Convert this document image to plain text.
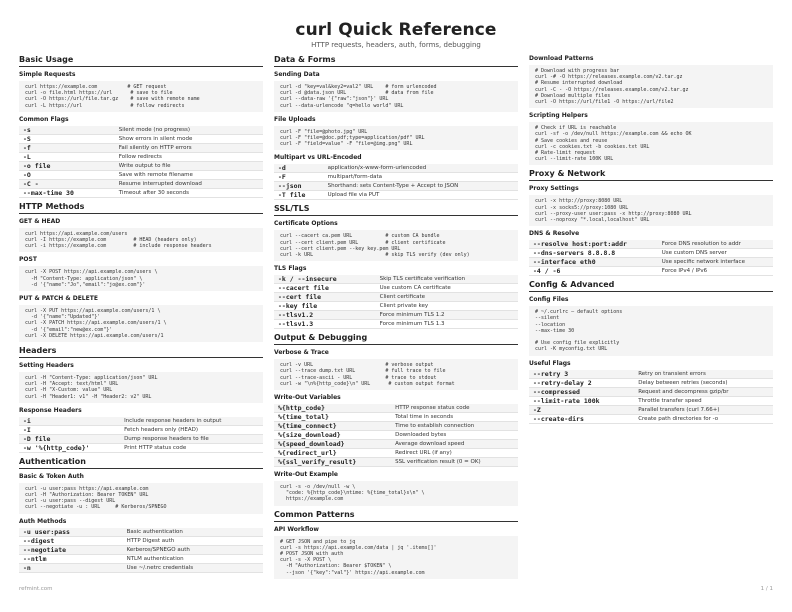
curl Quick Reference

HTTP requests, headers, auth, forms, debugging

Basic Usage
Simple Requests
curl https://example.com          # GET request
curl -o file.html https://url      # save to file
curl -O https://url/file.tar.gz    # save with remote name
curl -L https://url                # follow redirects
Common Flags
-s	Silent mode (no progress)
-S	Show errors in silent mode
-f	Fail silently on HTTP errors
-L	Follow redirects
-o file	Write output to file
-O	Save with remote filename
-C -	Resume interrupted download
--max-time 30	Timeout after 30 seconds
HTTP Methods
GET & HEAD
curl https://api.example.com/users
curl -I https://example.com         # HEAD (headers only)
curl -i https://example.com         # include response headers
POST
curl -X POST https://api.example.com/users \
-H "Content-Type: application/json" \
-d '{"name":"Jo","email":"jo@ex.com"}'
PUT & PATCH & DELETE
curl -X PUT https://api.example.com/users/1 \
-d '{"name":"Updated"}'
curl -X PATCH https://api.example.com/users/1 \
-d '{"email":"new@ex.com"}'
curl -X DELETE https://api.example.com/users/1
Headers
Setting Headers
curl -H "Content-Type: application/json" URL
curl -H "Accept: text/html" URL
curl -H "X-Custom: value" URL
curl -H "Header1: v1" -H "Header2: v2" URL
Response Headers
-i	Include response headers in output
-I	Fetch headers only (HEAD)
-D file	Dump response headers to file
-w '%{http_code}'	Print HTTP status code
Authentication
Basic & Token Auth
curl -u user:pass https://api.example.com
curl -H "Authorization: Bearer TOKEN" URL
curl -u user:pass --digest URL
curl --negotiate -u : URL     # Kerberos/SPNEGO
Auth Methods
-u user:pass	Basic authentication
--digest	HTTP Digest auth
--negotiate	Kerberos/SPNEGO auth
--ntlm	NTLM authentication
-n	Use ~/.netrc credentials
Data & Forms
Sending Data
curl -d "key=val&key2=val2" URL    # form urlencoded
curl -d @data.json URL             # data from file
curl --data-raw '{"raw":"json"}' URL
curl --data-urlencode "q=hello world" URL
File Uploads
curl -F "file=@photo.jpg" URL
curl -F "file=@doc.pdf;type=application/pdf" URL
curl -F "field=value" -F "file=@img.png" URL
Multipart vs URL-Encoded
-d	application/x-www-form-urlencoded
-F	multipart/form-data
--json	Shorthand: sets Content-Type + Accept to JSON
-T file	Upload file via PUT
SSL/TLS
Certificate Options
curl --cacert ca.pem URL           # custom CA bundle
curl --cert client.pem URL         # client certificate
curl --cert client.pem --key key.pem URL
curl -k URL                        # skip TLS verify (dev only)
TLS Flags
-k / --insecure	Skip TLS certificate verification
--cacert file	Use custom CA certificate
--cert file	Client certificate
--key file	Client private key
--tlsv1.2	Force minimum TLS 1.2
--tlsv1.3	Force minimum TLS 1.3
Output & Debugging
Verbose & Trace
curl -v URL                        # verbose output
curl --trace dump.txt URL          # full trace to file
curl --trace-ascii - URL           # trace to stdout
curl -w "\n%{http_code}\n" URL      # custom output format
Write-Out Variables
%{http_code}	HTTP response status code
%{time_total}	Total time in seconds
%{time_connect}	Time to establish connection
%{size_download}	Downloaded bytes
%{speed_download}	Average download speed
%{redirect_url}	Redirect URL (if any)
%{ssl_verify_result}	SSL verification result (0 = OK)
Write-Out Example
curl -s -o /dev/null -w \
"code: %{http_code}\ntime: %{time_total}s\n" \
https://example.com
Common Patterns
API Workflow
# GET JSON and pipe to jq
curl -s https://api.example.com/data | jq '.items[]'
# POST JSON with auth
curl -s -X POST \
-H "Authorization: Bearer $TOKEN" \
--json '{"key":"val"}' https://api.example.com
Download Patterns
# Download with progress bar
curl -# -O https://releases.example.com/v2.tar.gz
# Resume interrupted download
curl -C - -O https://releases.example.com/v2.tar.gz
# Download multiple files
curl -O https://url/file1 -O https://url/file2
Scripting Helpers
# Check if URL is reachable
curl -sf -o /dev/null https://example.com && echo OK
# Save cookies and reuse
curl -c cookies.txt -b cookies.txt URL
# Rate-limit request
curl --limit-rate 100K URL
Proxy & Network
Proxy Settings
curl -x http://proxy:8080 URL
curl -x socks5://proxy:1080 URL
curl --proxy-user user:pass -x http://proxy:8080 URL
curl --noproxy "*.local,localhost" URL
DNS & Resolve
--resolve host:port:addr	Force DNS resolution to addr
--dns-servers 8.8.8.8	Use custom DNS server
--interface eth0	Use specific network interface
-4 / -6	Force IPv4 / IPv6
Config & Advanced
Config Files
# ~/.curlrc — default options
--silent
--location
--max-time 30

# Use config file explicitly
curl -K myconfig.txt URL
Useful Flags
--retry 3	Retry on transient errors
--retry-delay 2	Delay between retries (seconds)
--compressed	Request and decompress gzip/br
--limit-rate 100k	Throttle transfer speed
-Z	Parallel transfers (curl 7.66+)
--create-dirs	Create path directories for -o
refmint.com	1 / 1
